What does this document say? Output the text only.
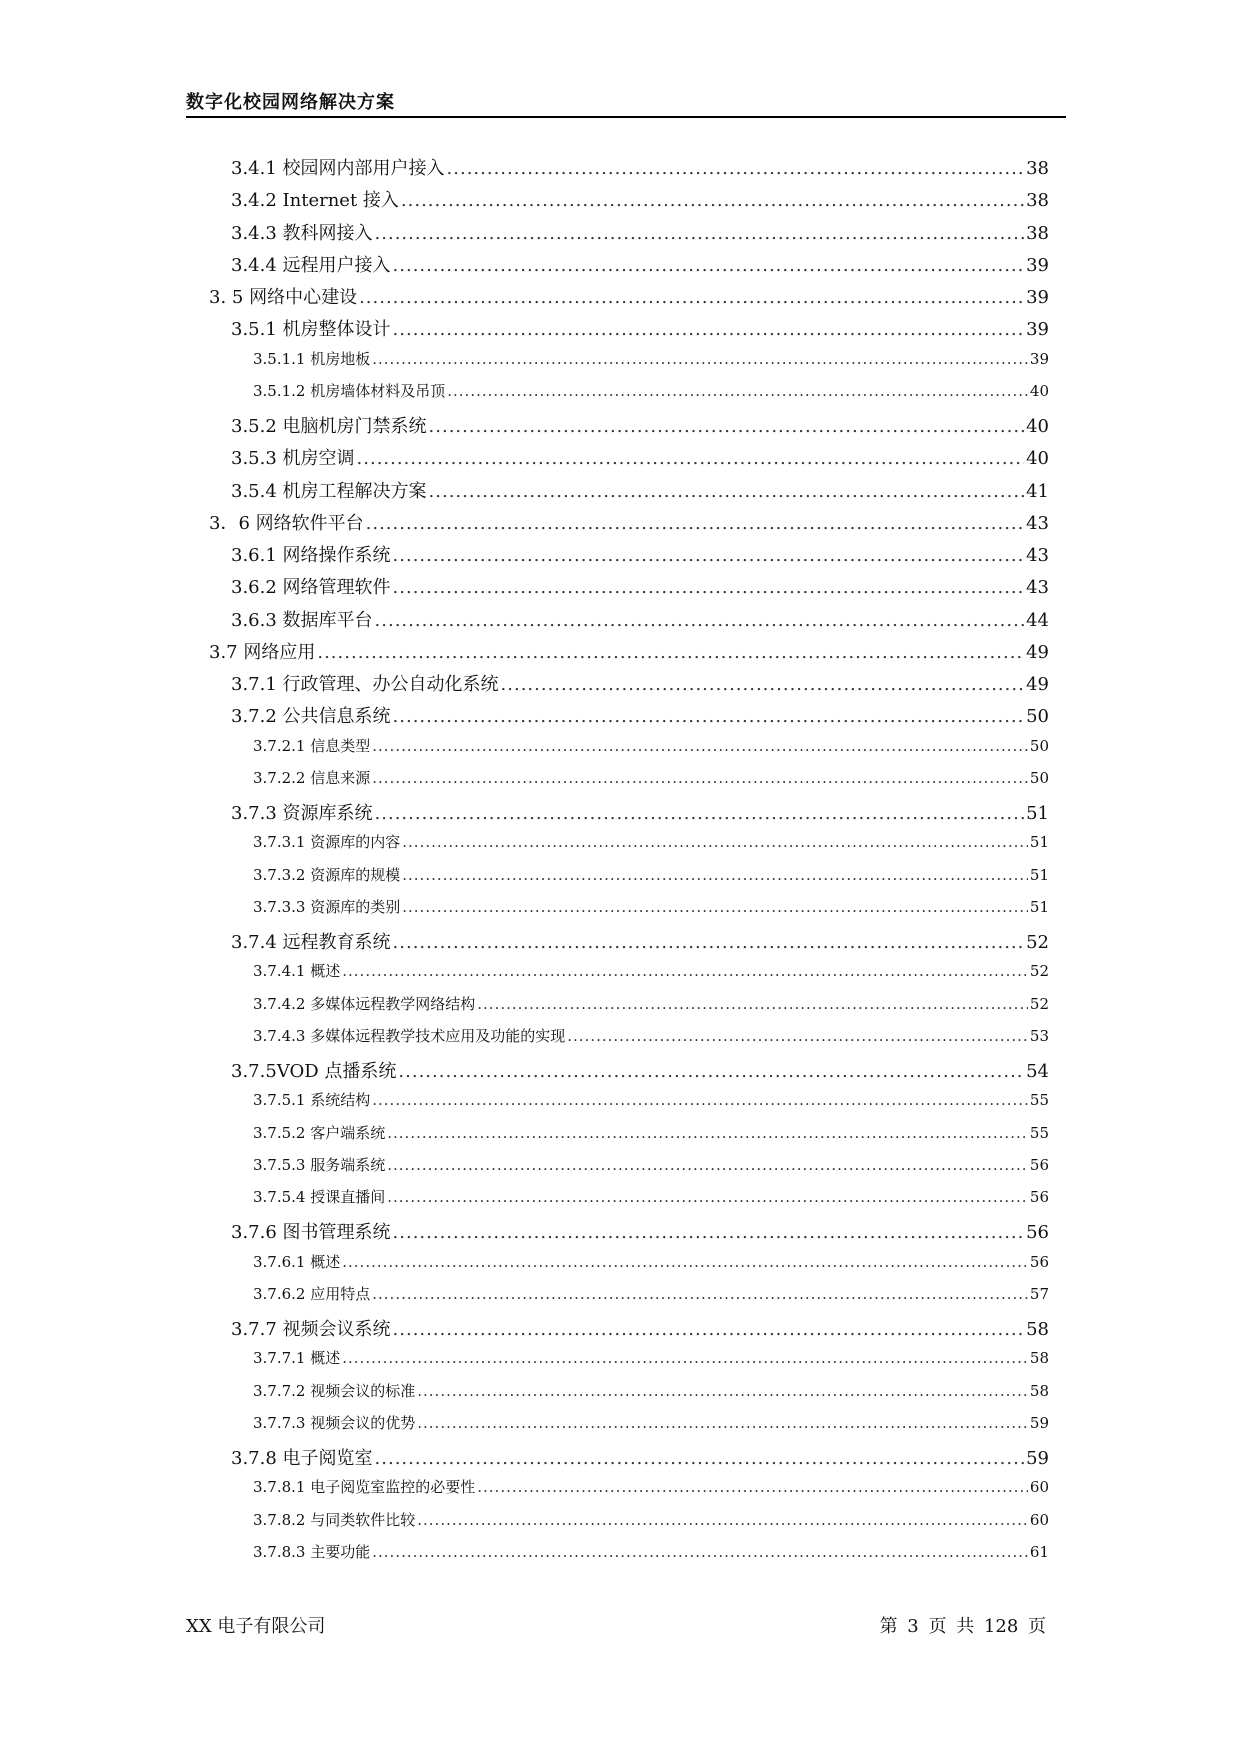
数字化校园网络解决方案
3.4.1 校园网内部用户接入 .....	38
3.4.2 Internet 接入 .....	38
3.4.3 教科网接入 .....	38
3.4.4 远程用户接入 .....	39
3. 5 网络中心建设 .....	39
3.5.1 机房整体设计 .....	39
3.5.1.1 机房地板 .....	39
3.5.1.2 机房墙体材料及吊顶 .....	40
3.5.2 电脑机房门禁系统 .....	40
3.5.3 机房空调 .....	40
3.5.4 机房工程解决方案 .....	41
3．6 网络软件平台 .....	43
3.6.1 网络操作系统 .....	43
3.6.2 网络管理软件 .....	43
3.6.3 数据库平台 .....	44
3.7 网络应用 .....	49
3.7.1 行政管理、办公自动化系统 .....	49
3.7.2 公共信息系统 .....	50
3.7.2.1 信息类型 .....	50
3.7.2.2 信息来源 .....	50
3.7.3 资源库系统 .....	51
3.7.3.1 资源库的内容 .....	51
3.7.3.2 资源库的规模 .....	51
3.7.3.3 资源库的类别 .....	51
3.7.4 远程教育系统 .....	52
3.7.4.1 概述 .....	52
3.7.4.2 多媒体远程教学网络结构 .....	52
3.7.4.3 多媒体远程教学技术应用及功能的实现 .....	53
3.7.5VOD 点播系统 .....	54
3.7.5.1 系统结构 .....	55
3.7.5.2 客户端系统 .....	55
3.7.5.3 服务端系统 .....	56
3.7.5.4 授课直播间 .....	56
3.7.6 图书管理系统 .....	56
3.7.6.1 概述 .....	56
3.7.6.2 应用特点 .....	57
3.7.7 视频会议系统 .....	58
3.7.7.1 概述 .....	58
3.7.7.2 视频会议的标准 .....	58
3.7.7.3 视频会议的优势 .....	59
3.7.8 电子阅览室 .....	59
3.7.8.1 电子阅览室监控的必要性 .....	60
3.7.8.2 与同类软件比较 .....	60
3.7.8.3 主要功能 .....	61
XX 电子有限公司	第 3 页 共 128 页
